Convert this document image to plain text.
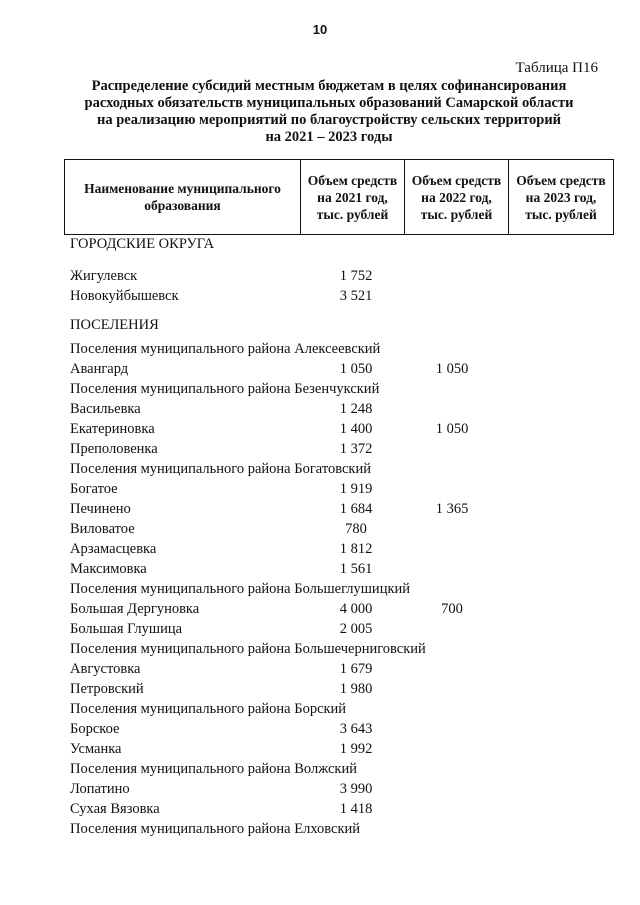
10
Таблица П16
Распределение субсидий местным бюджетам в целях софинансирования
расходных обязательств муниципальных образований Самарской области
на реализацию мероприятий по благоустройству сельских территорий
на 2021 – 2023 годы
Наименование муниципального образования	Объем средств на 2021 год, тыс. рублей	Объем средств на 2022 год, тыс. рублей	Объем средств на 2023 год, тыс. рублей
ГОРОДСКИЕ ОКРУГА
Жигулевск	1 752
Новокуйбышевск	3 521
ПОСЕЛЕНИЯ
Поселения муниципального района Алексеевский
Авангард	1 050	1 050
Поселения муниципального района Безенчукский
Васильевка	1 248
Екатериновка	1 400	1 050
Преполовенка	1 372
Поселения муниципального района Богатовский
Богатое	1 919
Печинено	1 684	1 365
Виловатое	780
Арзамасцевка	1 812
Максимовка	1 561
Поселения муниципального района Большеглушицкий
Большая Дергуновка	4 000	700
Большая Глушица	2 005
Поселения муниципального района Большечерниговский
Августовка	1 679
Петровский	1 980
Поселения муниципального района Борский
Борское	3 643
Усманка	1 992
Поселения муниципального района Волжский
Лопатино	3 990
Сухая Вязовка	1 418
Поселения муниципального района Елховский
